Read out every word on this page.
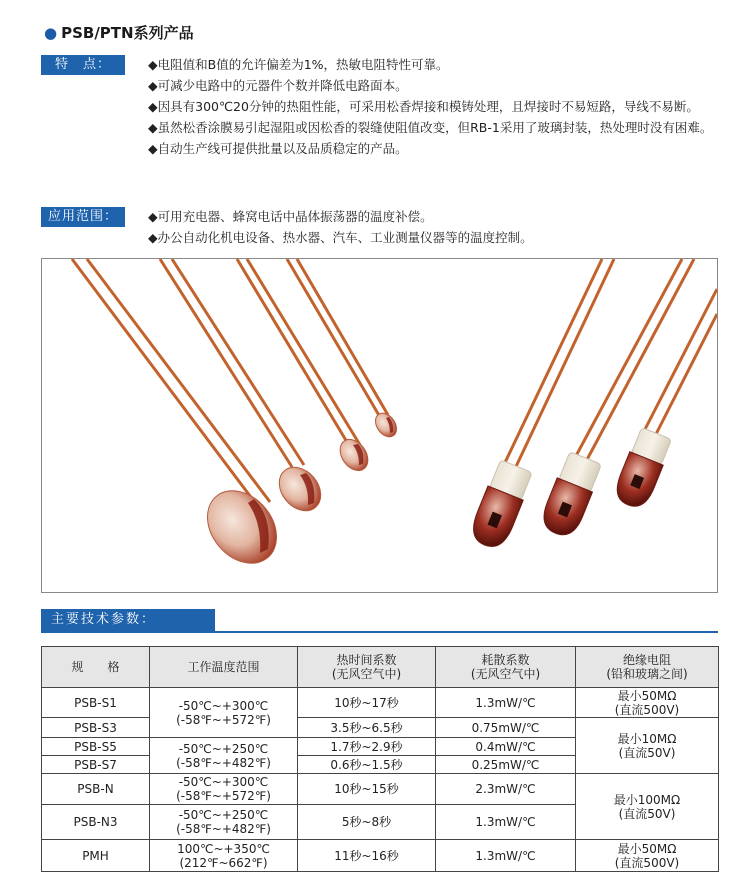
● PSB/PTN系列产品
特　点：	◆电阻值和B值的允许偏差为1%，热敏电阻特性可靠。
◆可减少电路中的元器件个数并降低电路面本。
◆因具有300℃20分钟的热阻性能，可采用松香焊接和模铸处理，且焊接时不易短路，导线不易断。
◆虽然松香涂膜易引起湿阻或因松香的裂缝使阻值改变，但RB-1采用了玻璃封装，热处理时没有困难。
◆自动生产线可提供批量以及品质稳定的产品。
应用范围：	◆可用充电器、蜂窝电话中晶体振荡器的温度补偿。
◆办公自动化机电设备、热水器、汽车、工业测量仪器等的温度控制。
主要技术参数：
规　　格	工作温度范围	热时间系数
(无风空气中)	耗散系数
(无风空气中)	绝缘电阻
(铅和玻璃之间)

PSB-S1	-50℃~+300℃
(-58℉~+572℉)	10秒~17秒	1.3mW/℃	最小50MΩ
(直流500V)
PSB-S3		3.5秒~6.5秒	0.75mW/℃	最小10MΩ
(直流50V)
PSB-S5	-50℃~+250℃
(-58℉~+482℉)	1.7秒~2.9秒	0.4mW/℃	
PSB-S7		0.6秒~1.5秒	0.25mW/℃	
PSB-N	-50℃~+300℃
(-58℉~+572℉)	10秒~15秒	2.3mW/℃	最小100MΩ
(直流50V)
PSB-N3	-50℃~+250℃
(-58℉~+482℉)	5秒~8秒	1.3mW/℃	
PMH	100℃~+350℃
(212℉~662℉)	11秒~16秒	1.3mW/℃	最小50MΩ
(直流500V)
